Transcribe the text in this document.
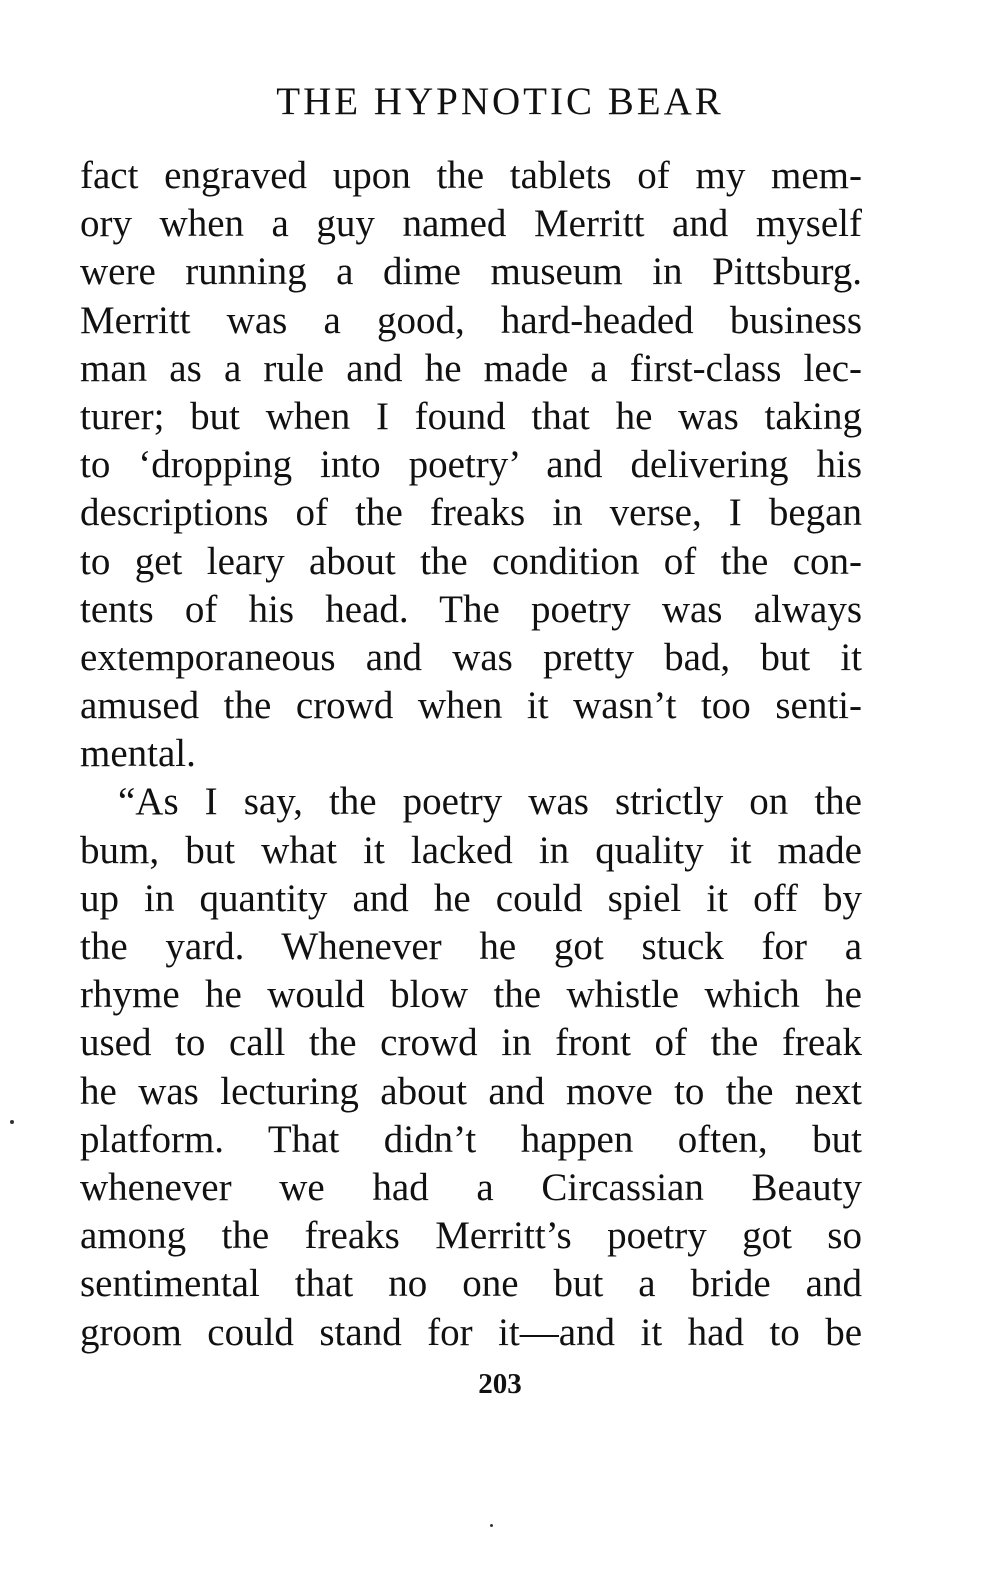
THE HYPNOTIC BEAR
fact engraved upon the tablets of my mem-
ory when a guy named Merritt and myself
were running a dime museum in Pittsburg.
Merritt was a good, hard-headed business
man as a rule and he made a first-class lec-
turer; but when I found that he was taking
to ‘dropping into poetry’ and delivering his
descriptions of the freaks in verse, I began
to get leary about the condition of the con-
tents of his head. The poetry was always
extemporaneous and was pretty bad, but it
amused the crowd when it wasn’t too senti-
mental.
“As I say, the poetry was strictly on the
bum, but what it lacked in quality it made
up in quantity and he could spiel it off by
the yard. Whenever he got stuck for a
rhyme he would blow the whistle which he
used to call the crowd in front of the freak
he was lecturing about and move to the next
platform. That didn’t happen often, but
whenever we had a Circassian Beauty
among the freaks Merritt’s poetry got so
sentimental that no one but a bride and
groom could stand for it—and it had to be
203
